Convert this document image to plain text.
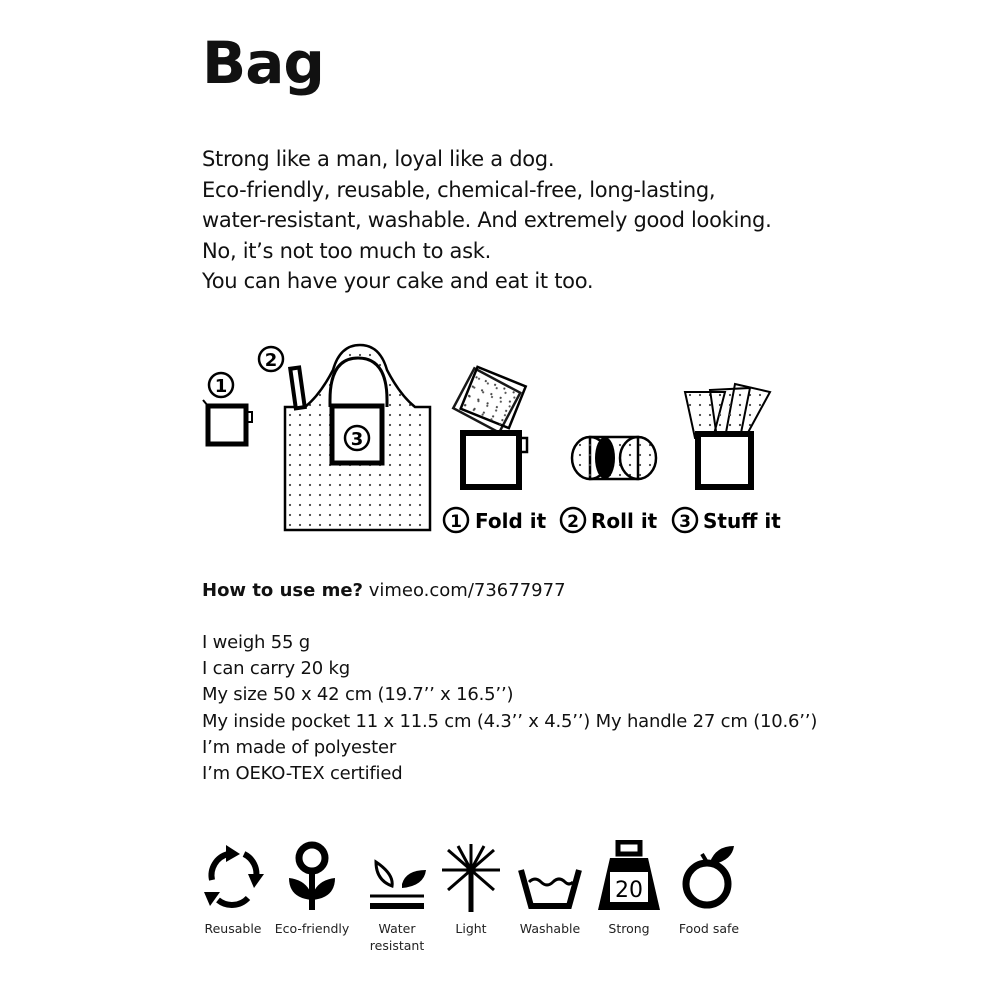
Bag
Strong like a man, loyal like a dog.
Eco-friendly, reusable, chemical-free, long-lasting,
water-resistant, washable. And extremely good looking.
No, it’s not too much to ask.
You can have your cake and eat it too.
1
2
3
1 Fold it 2 Roll it 3 Stuff it
How to use me? vimeo.com/73677977
I weigh 55 g
I can carry 20 kg
My size 50 x 42 cm (19.7’’ x 16.5’’)
My inside pocket 11 x 11.5 cm (4.3’’ x 4.5’’) My handle 27 cm (10.6’’)
I’m made of polyester
I’m OEKO-TEX certified
Reusable	Eco-friendly	Water
resistant
Light	Washable
20
Strong	Food safe
